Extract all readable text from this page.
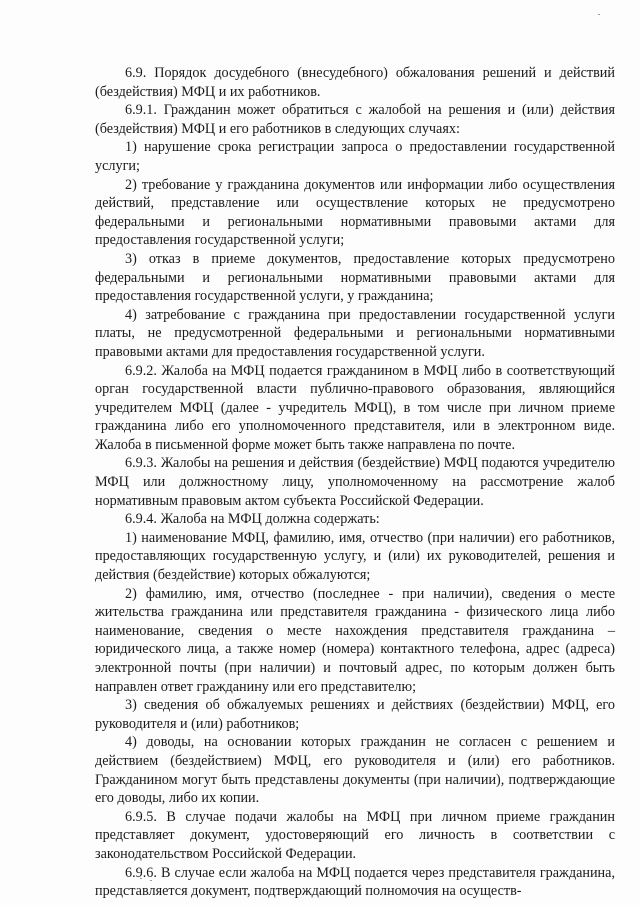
6.9. Порядок досудебного (внесудебного) обжалования решений и действий (бездействия) МФЦ и их работников.

6.9.1. Гражданин может обратиться с жалобой на решения и (или) действия (бездействия) МФЦ и его работников в следующих случаях:

1) нарушение срока регистрации запроса о предоставлении государственной услуги;

2) требование у гражданина документов или информации либо осуществления действий, представление или осуществление которых не предусмотрено федеральными и региональными нормативными правовыми актами для предоставления государственной услуги;

3) отказ в приеме документов, предоставление которых предусмотрено федеральными и региональными нормативными правовыми актами для предоставления государственной услуги, у гражданина;

4) затребование с гражданина при предоставлении государственной услуги платы, не предусмотренной федеральными и региональными нормативными правовыми актами для предоставления государственной услуги.

6.9.2. Жалоба на МФЦ подается гражданином в МФЦ либо в соответствующий орган государственной власти публично-правового образования, являющийся учредителем МФЦ (далее - учредитель МФЦ), в том числе при личном приеме гражданина либо его уполномоченного представителя, или в электронном виде. Жалоба в письменной форме может быть также направлена по почте.

6.9.3. Жалобы на решения и действия (бездействие) МФЦ подаются учредителю МФЦ или должностному лицу, уполномоченному на рассмотрение жалоб нормативным правовым актом субъекта Российской Федерации.

6.9.4. Жалоба на МФЦ должна содержать:

1) наименование МФЦ, фамилию, имя, отчество (при наличии) его работников, предоставляющих государственную услугу, и (или) их руководителей, решения и действия (бездействие) которых обжалуются;

2) фамилию, имя, отчество (последнее - при наличии), сведения о месте жительства гражданина или представителя гражданина - физического лица либо наименование, сведения о месте нахождения представителя гражданина – юридического лица, а также номер (номера) контактного телефона, адрес (адреса) электронной почты (при наличии) и почтовый адрес, по которым должен быть направлен ответ гражданину или его представителю;

3) сведения об обжалуемых решениях и действиях (бездействии) МФЦ, его руководителя и (или) работников;

4) доводы, на основании которых гражданин не согласен с решением и действием (бездействием) МФЦ, его руководителя и (или) его работников. Гражданином могут быть представлены документы (при наличии), подтверждающие его доводы, либо их копии.

6.9.5. В случае подачи жалобы на МФЦ при личном приеме гражданин представляет документ, удостоверяющий его личность в соответствии с законодательством Российской Федерации.

6.9.6. В случае если жалоба на МФЦ подается через представителя гражданина, представляется документ, подтверждающий полномочия на осуществ-
